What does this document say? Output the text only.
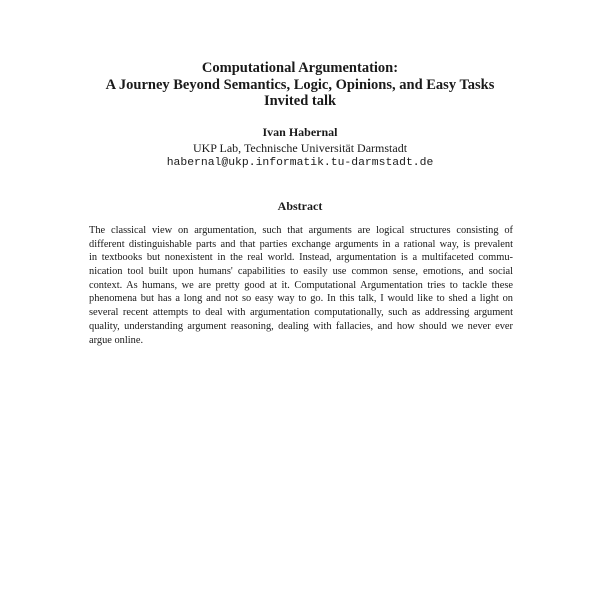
Computational Argumentation:
A Journey Beyond Semantics, Logic, Opinions, and Easy Tasks
Invited talk
Ivan Habernal
UKP Lab, Technische Universität Darmstadt
habernal@ukp.informatik.tu-darmstadt.de
Abstract
The classical view on argumentation, such that arguments are logical structures consisting of
different distinguishable parts and that parties exchange arguments in a rational way, is prevalent
in textbooks but nonexistent in the real world. Instead, argumentation is a multifaceted commu-
nication tool built upon humans' capabilities to easily use common sense, emotions, and social
context. As humans, we are pretty good at it. Computational Argumentation tries to tackle these
phenomena but has a long and not so easy way to go. In this talk, I would like to shed a light on
several recent attempts to deal with argumentation computationally, such as addressing argument
quality, understanding argument reasoning, dealing with fallacies, and how should we never ever
argue online.
